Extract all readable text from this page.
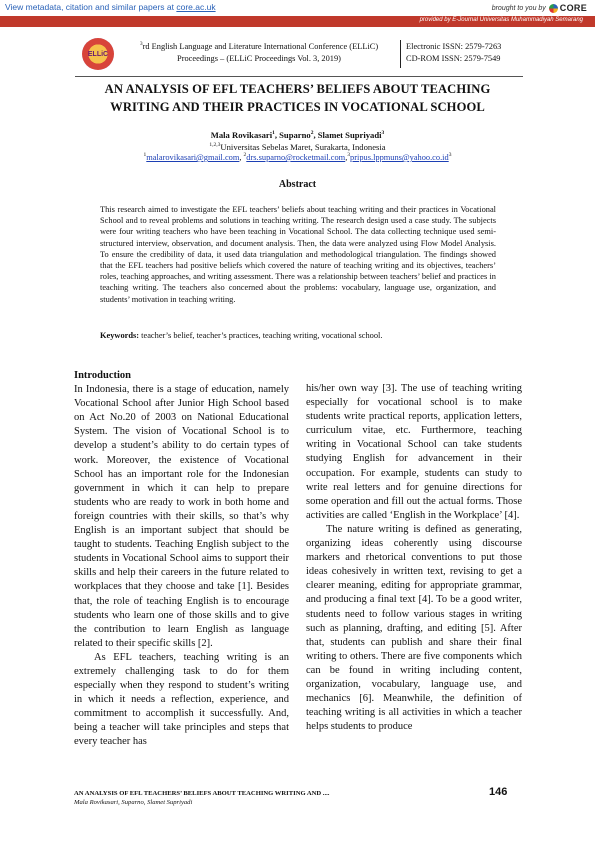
View metadata, citation and similar papers at core.ac.uk	brought to you by CORE
provided by E-Journal Universitas Muhammadiyah Semarang
ELLiC
$^3$rd English Language and Literature International Conference (ELLiC)
Proceedings – (ELLiC Proceedings Vol. 3, 2019)
Electronic ISSN: 2579-7263
CD-ROM ISSN: 2579-7549
AN ANALYSIS OF EFL TEACHERS’ BELIEFS ABOUT TEACHING
WRITING AND THEIR PRACTICES IN VOCATIONAL SCHOOL
Mala Rovikasari$^1$, Suparno$^2$, Slamet Supriyadi$^3$
$^{1,2,3}$Universitas Sebelas Maret, Surakarta, Indonesia
$^1$malarovikasari@gmail.com, $^2drs.suparno@rocketmail.com,^3pripus.lppmuns@yahoo.co.id^3$
Abstract
This research aimed to investigate the EFL teachers’ beliefs about teaching writing and their practices in Vocational School and to reveal problems and solutions in teaching writing. The research design used a case study. The subjects were four writing teachers who have been teaching in Vocational School. The data collecting technique used semi-structured interview, observation, and document analysis. Then, the data were analyzed using Flow Model Analysis. To ensure the credibility of data, it used data triangulation and methodological triangulation. The findings showed that the EFL teachers had positive beliefs which covered the nature of teaching writing and its objectives, teachers’ roles, teaching approaches, and writing assessment. There was a relationship between teachers’ belief and practices in teaching writing. The teachers also concerned about the problems: vocabulary, language use, organization, and students’ motivation in teaching writing.
Keywords: teacher’s belief, teacher’s practices, teaching writing, vocational school.

Introduction

In Indonesia, there is a stage of education, namely Vocational School after Junior High School based on Act No.20 of 2003 on National Educational System. The vision of Vocational School is to develop a student’s ability to do certain types of work. Moreover, the existence of Vocational School has an important role for the Indonesian government in which it can help to prepare students who are ready to work in both home and foreign countries with their skills, so that’s why English is an important subject that should be taught to students. Teaching English subject to the students in Vocational School aims to support their skills and help their careers in the future related to workplaces that they choose and take [1]. Besides that, the role of teaching English is to encourage students who learn one of those skills and to give the contribution to learn English as language related to their specific skills [2].

As EFL teachers, teaching writing is an extremely challenging task to do for them especially when they respond to student’s writing in which it needs a reflection, experience, and commitment to accomplish it successfully. And, being a teacher will take principles and steps that every teacher has

his/her own way [3]. The use of teaching writing especially for vocational school is to make students write practical reports, application letters, curriculum vitae, etc. Furthermore, teaching writing in Vocational School can take students studying English for advancement in their occupation. For example, students can study to write real letters and for genuine directions for some operation and fill out the actual forms. Those activities are called ‘English in the Workplace’ [4].

The nature writing is defined as generating, organizing ideas coherently using discourse markers and rhetorical conventions to put those ideas cohesively in written text, revising to get a clearer meaning, editing for appropriate grammar, and producing a final text [4]. To be a good writer, students need to follow various stages in writing such as planning, drafting, and editing [5]. After that, students can publish and share their final writing to others. There are five components which can be found in writing including content, organization, vocabulary, language use, and mechanics [6]. Meanwhile, the definition of teaching writing is all activities in which a teacher helps students to produce

AN ANALYSIS OF EFL TEACHERS’ BELIEFS ABOUT TEACHING WRITING AND ....
Mala Rovikasari, Suparno, Slamet Supriyadi
146
